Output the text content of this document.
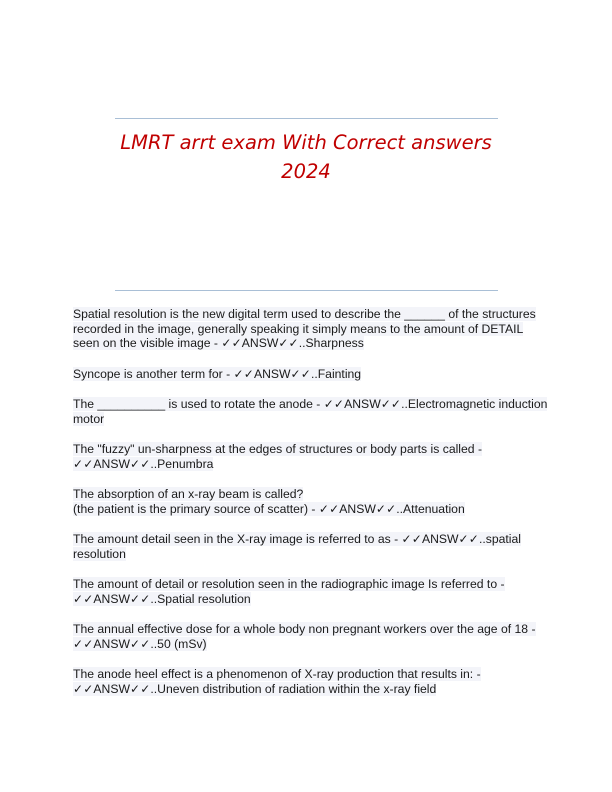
LMRT arrt exam With Correct answers
2024
Spatial resolution is the new digital term used to describe the ______ of the structures
recorded in the image, generally speaking it simply means to the amount of DETAIL
seen on the visible image - ✓✓ANSW✓✓..Sharpness
Syncope is another term for - ✓✓ANSW✓✓..Fainting
The __________ is used to rotate the anode - ✓✓ANSW✓✓..Electromagnetic induction
motor
The "fuzzy" un-sharpness at the edges of structures or body parts is called -
✓✓ANSW✓✓..Penumbra
The absorption of an x-ray beam is called?
(the patient is the primary source of scatter) - ✓✓ANSW✓✓..Attenuation
The amount detail seen in the X-ray image is referred to as - ✓✓ANSW✓✓..spatial
resolution
The amount of detail or resolution seen in the radiographic image Is referred to -
✓✓ANSW✓✓..Spatial resolution
The annual effective dose for a whole body non pregnant workers over the age of 18 -
✓✓ANSW✓✓..50 (mSv)
The anode heel effect is a phenomenon of X-ray production that results in: -
✓✓ANSW✓✓..Uneven distribution of radiation within the x-ray field
